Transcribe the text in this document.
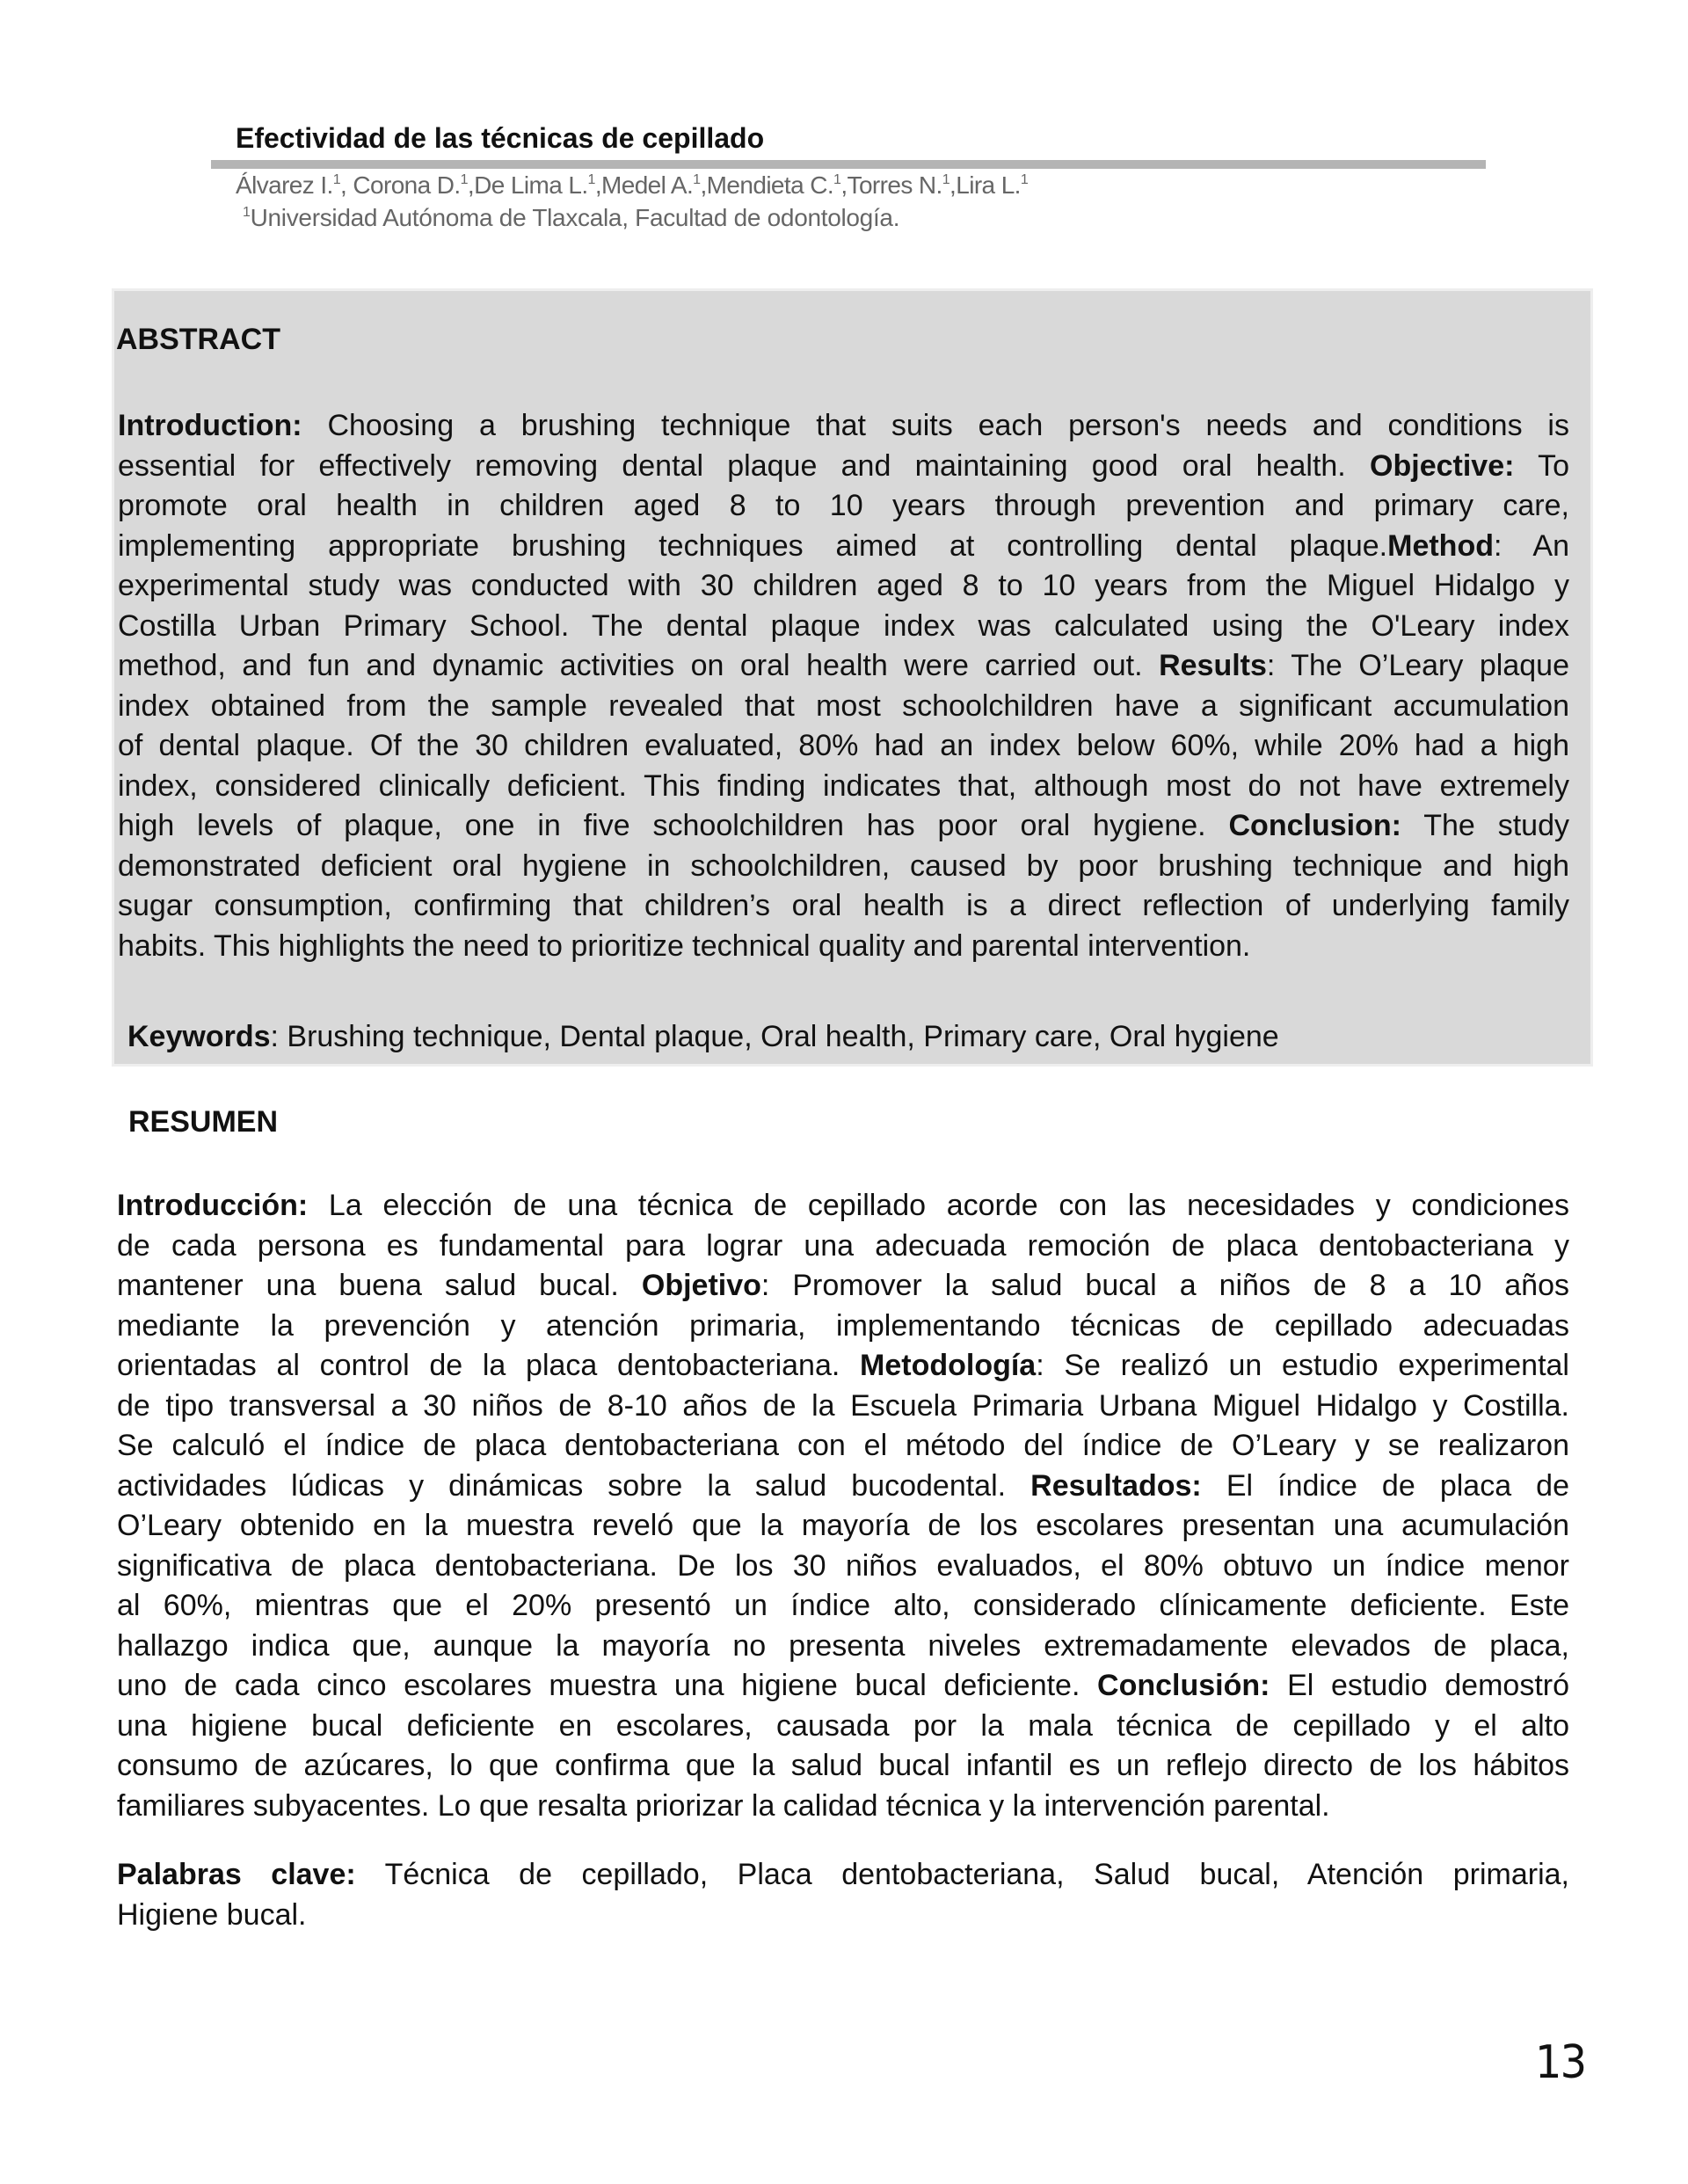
Efectividad de las técnicas de cepillado
Álvarez I.$^1$, Corona D.$^1$,De Lima L.$^1$,Medel A.$^1$,Mendieta C.$^1$,Torres N.$^1$,Lira L.$^1$
$^1$Universidad Autónoma de Tlaxcala, Facultad de odontología.
ABSTRACT
Introduction: Choosing a brushing technique that suits each person's needs and conditions is
essential for effectively removing dental plaque and maintaining good oral health. Objective: To
promote oral health in children aged 8 to 10 years through prevention and primary care,
implementing appropriate brushing techniques aimed at controlling dental plaque.Method: An
experimental study was conducted with 30 children aged 8 to 10 years from the Miguel Hidalgo y
Costilla Urban Primary School. The dental plaque index was calculated using the O'Leary index
method, and fun and dynamic activities on oral health were carried out. Results: The O’Leary plaque
index obtained from the sample revealed that most schoolchildren have a significant accumulation
of dental plaque. Of the 30 children evaluated, 80% had an index below 60%, while 20% had a high
index, considered clinically deficient. This finding indicates that, although most do not have extremely
high levels of plaque, one in five schoolchildren has poor oral hygiene. Conclusion: The study
demonstrated deficient oral hygiene in schoolchildren, caused by poor brushing technique and high
sugar consumption, confirming that children’s oral health is a direct reflection of underlying family
habits. This highlights the need to prioritize technical quality and parental intervention.
Keywords: Brushing technique, Dental plaque, Oral health, Primary care, Oral hygiene
RESUMEN
Introducción: La elección de una técnica de cepillado acorde con las necesidades y condiciones
de cada persona es fundamental para lograr una adecuada remoción de placa dentobacteriana y
mantener una buena salud bucal. Objetivo: Promover la salud bucal a niños de 8 a 10 años
mediante la prevención y atención primaria, implementando técnicas de cepillado adecuadas
orientadas al control de la placa dentobacteriana. Metodología: Se realizó un estudio experimental
de tipo transversal a 30 niños de 8-10 años de la Escuela Primaria Urbana Miguel Hidalgo y Costilla.
Se calculó el índice de placa dentobacteriana con el método del índice de O’Leary y se realizaron
actividades lúdicas y dinámicas sobre la salud bucodental. Resultados: El índice de placa de
O’Leary obtenido en la muestra reveló que la mayoría de los escolares presentan una acumulación
significativa de placa dentobacteriana. De los 30 niños evaluados, el 80% obtuvo un índice menor
al 60%, mientras que el 20% presentó un índice alto, considerado clínicamente deficiente. Este
hallazgo indica que, aunque la mayoría no presenta niveles extremadamente elevados de placa,
uno de cada cinco escolares muestra una higiene bucal deficiente. Conclusión: El estudio demostró
una higiene bucal deficiente en escolares, causada por la mala técnica de cepillado y el alto
consumo de azúcares, lo que confirma que la salud bucal infantil es un reflejo directo de los hábitos
familiares subyacentes. Lo que resalta priorizar la calidad técnica y la intervención parental.
Palabras clave: Técnica de cepillado, Placa dentobacteriana, Salud bucal, Atención primaria,
Higiene bucal.
13
